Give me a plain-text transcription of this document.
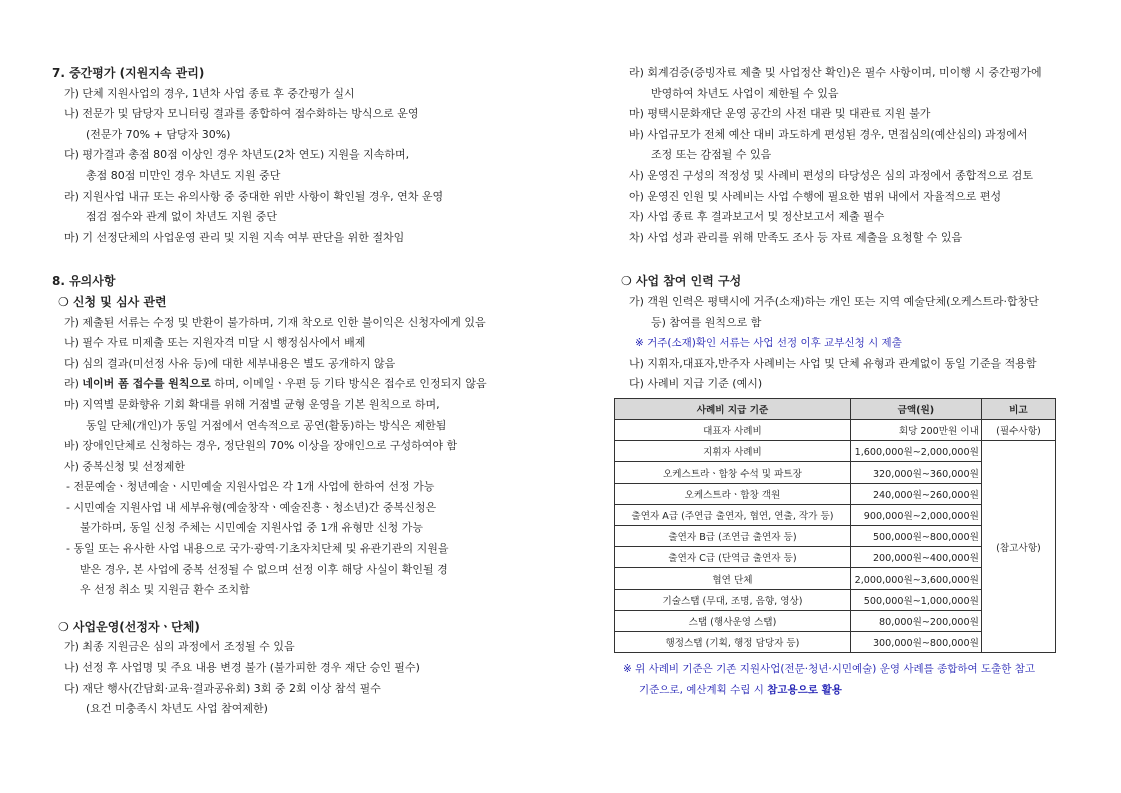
7. 중간평가 (지원지속 관리)
가) 단체 지원사업의 경우, 1년차 사업 종료 후 중간평가 실시
나) 전문가 및 담당자 모니터링 결과를 종합하여 점수화하는 방식으로 운영
(전문가 70% + 담당자 30%)
다) 평가결과 총점 80점 이상인 경우 차년도(2차 연도) 지원을 지속하며,
총점 80점 미만인 경우 차년도 지원 중단
라) 지원사업 내규 또는 유의사항 중 중대한 위반 사항이 확인될 경우, 연차 운영
점검 점수와 관계 없이 차년도 지원 중단
마) 기 선정단체의 사업운영 관리 및 지원 지속 여부 판단을 위한 절차임
8. 유의사항
❍ 신청 및 심사 관련
가) 제출된 서류는 수정 및 반환이 불가하며, 기재 착오로 인한 불이익은 신청자에게 있음
나) 필수 자료 미제출 또는 지원자격 미달 시 행정심사에서 배제
다) 심의 결과(미선정 사유 등)에 대한 세부내용은 별도 공개하지 않음
라) 네이버 폼 접수를 원칙으로 하며, 이메일ㆍ우편 등 기타 방식은 접수로 인정되지 않음
마) 지역별 문화향유 기회 확대를 위해 거점별 균형 운영을 기본 원칙으로 하며,
동일 단체(개인)가 동일 거점에서 연속적으로 공연(활동)하는 방식은 제한됨
바) 장애인단체로 신청하는 경우, 정단원의 70% 이상을 장애인으로 구성하여야 함
사) 중복신청 및 선정제한
- 전문예술ㆍ청년예술ㆍ시민예술 지원사업은 각 1개 사업에 한하여 선정 가능
- 시민예술 지원사업 내 세부유형(예술창작ㆍ예술진흥ㆍ청소년)간 중복신청은
불가하며, 동일 신청 주체는 시민예술 지원사업 중 1개 유형만 신청 가능
- 동일 또는 유사한 사업 내용으로 국가·광역·기초자치단체 및 유관기관의 지원을
받은 경우, 본 사업에 중복 선정될 수 없으며 선정 이후 해당 사실이 확인될 경
우 선정 취소 및 지원금 환수 조치함
❍ 사업운영(선정자ㆍ단체)
가) 최종 지원금은 심의 과정에서 조정될 수 있음
나) 선정 후 사업명 및 주요 내용 변경 불가 (불가피한 경우 재단 승인 필수)
다) 재단 행사(간담회·교육·결과공유회) 3회 중 2회 이상 참석 필수
(요건 미충족시 차년도 사업 참여제한)
라) 회계검증(증빙자료 제출 및 사업정산 확인)은 필수 사항이며, 미이행 시 중간평가에
반영하여 차년도 사업이 제한될 수 있음
마) 평택시문화재단 운영 공간의 사전 대관 및 대관료 지원 불가
바) 사업규모가 전체 예산 대비 과도하게 편성된 경우, 면접심의(예산심의) 과정에서
조정 또는 감점될 수 있음
사) 운영진 구성의 적정성 및 사례비 편성의 타당성은 심의 과정에서 종합적으로 검토
아) 운영진 인원 및 사례비는 사업 수행에 필요한 범위 내에서 자율적으로 편성
자) 사업 종료 후 결과보고서 및 정산보고서 제출 필수
차) 사업 성과 관리를 위해 만족도 조사 등 자료 제출을 요청할 수 있음
❍ 사업 참여 인력 구성
가) 객원 인력은 평택시에 거주(소재)하는 개인 또는 지역 예술단체(오케스트라·합창단
등) 참여를 원칙으로 함
※ 거주(소재)확인 서류는 사업 선정 이후 교부신청 시 제출
나) 지휘자,대표자,반주자 사례비는 사업 및 단체 유형과 관계없이 동일 기준을 적용함
다) 사례비 지급 기준 (예시)
사례비 지급 기준	금액(원)	비고
대표자 사례비	회당 200만원 이내	(필수사항)
지휘자 사례비	1,600,000원~2,000,000원	(참고사항)
오케스트라ㆍ합창 수석 및 파트장	320,000원~360,000원	
오케스트라ㆍ합창 객원	240,000원~260,000원	
출연자 A급 (주연급 출연자, 협연, 연출, 작가 등)	900,000원~2,000,000원	
출연자 B급 (조연급 출연자 등)	500,000원~800,000원	
출연자 C급 (단역급 출연자 등)	200,000원~400,000원	
협연 단체	2,000,000원~3,600,000원	
기술스탭 (무대, 조명, 음향, 영상)	500,000원~1,000,000원	
스탭 (행사운영 스탭)	80,000원~200,000원	
행정스탭 (기획, 행정 담당자 등)	300,000원~800,000원	
※ 위 사례비 기준은 기존 지원사업(전문·청년·시민예술) 운영 사례를 종합하여 도출한 참고
기준으로, 예산계획 수립 시 참고용으로 활용
